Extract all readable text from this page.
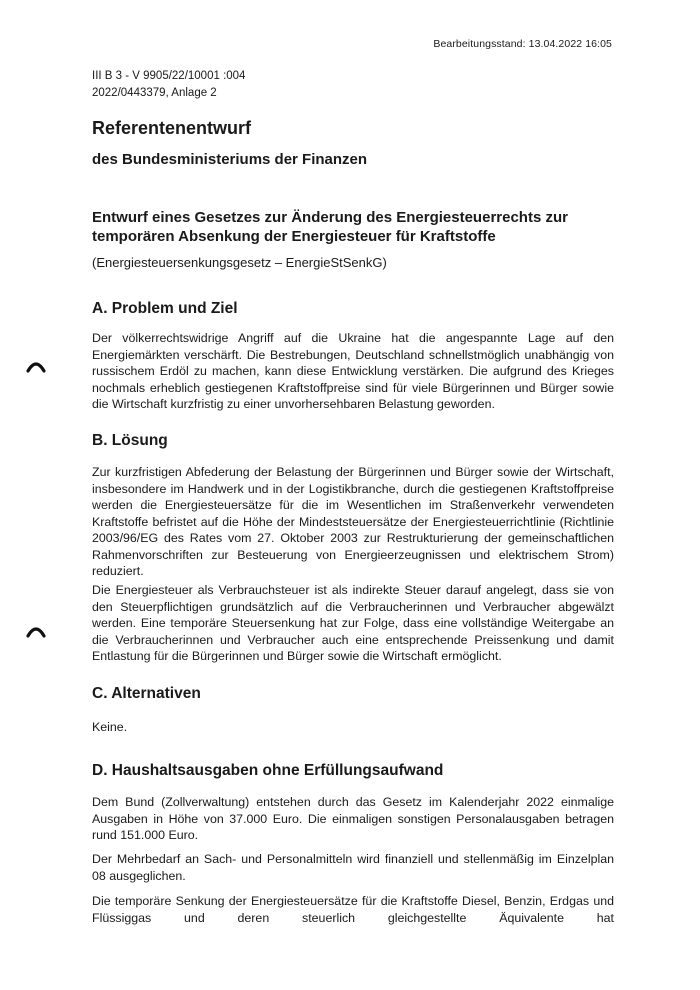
Bearbeitungsstand: 13.04.2022 16:05
III B 3 - V 9905/22/10001 :004
2022/0443379, Anlage 2
Referentenentwurf
des Bundesministeriums der Finanzen
Entwurf eines Gesetzes zur Änderung des Energiesteuerrechts zur temporären Absenkung der Energiesteuer für Kraftstoffe
(Energiesteuersenkungsgesetz – EnergieStSenkG)
A. Problem und Ziel
Der völkerrechtswidrige Angriff auf die Ukraine hat die angespannte Lage auf den Energiemärkten verschärft. Die Bestrebungen, Deutschland schnellstmöglich unabhängig von russischem Erdöl zu machen, kann diese Entwicklung verstärken. Die aufgrund des Krieges nochmals erheblich gestiegenen Kraftstoffpreise sind für viele Bürgerinnen und Bürger sowie die Wirtschaft kurzfristig zu einer unvorhersehbaren Belastung geworden.
B. Lösung
Zur kurzfristigen Abfederung der Belastung der Bürgerinnen und Bürger sowie der Wirtschaft, insbesondere im Handwerk und in der Logistikbranche, durch die gestiegenen Kraftstoffpreise werden die Energiesteuersätze für die im Wesentlichen im Straßenverkehr verwendeten Kraftstoffe befristet auf die Höhe der Mindeststeuersätze der Energiesteuerrichtlinie (Richtlinie 2003/96/EG des Rates vom 27. Oktober 2003 zur Restrukturierung der gemeinschaftlichen Rahmenvorschriften zur Besteuerung von Energieerzeugnissen und elektrischem Strom) reduziert.
Die Energiesteuer als Verbrauchsteuer ist als indirekte Steuer darauf angelegt, dass sie von den Steuerpflichtigen grundsätzlich auf die Verbraucherinnen und Verbraucher abgewälzt werden. Eine temporäre Steuersenkung hat zur Folge, dass eine vollständige Weitergabe an die Verbraucherinnen und Verbraucher auch eine entsprechende Preissenkung und damit Entlastung für die Bürgerinnen und Bürger sowie die Wirtschaft ermöglicht.
C. Alternativen
Keine.
D. Haushaltsausgaben ohne Erfüllungsaufwand
Dem Bund (Zollverwaltung) entstehen durch das Gesetz im Kalenderjahr 2022 einmalige Ausgaben in Höhe von 37.000 Euro. Die einmaligen sonstigen Personalausgaben betragen rund 151.000 Euro.
Der Mehrbedarf an Sach- und Personalmitteln wird finanziell und stellenmäßig im Einzelplan 08 ausgeglichen.
Die temporäre Senkung der Energiesteuersätze für die Kraftstoffe Diesel, Benzin, Erdgas und Flüssiggas und deren steuerlich gleichgestellte Äquivalente hat
